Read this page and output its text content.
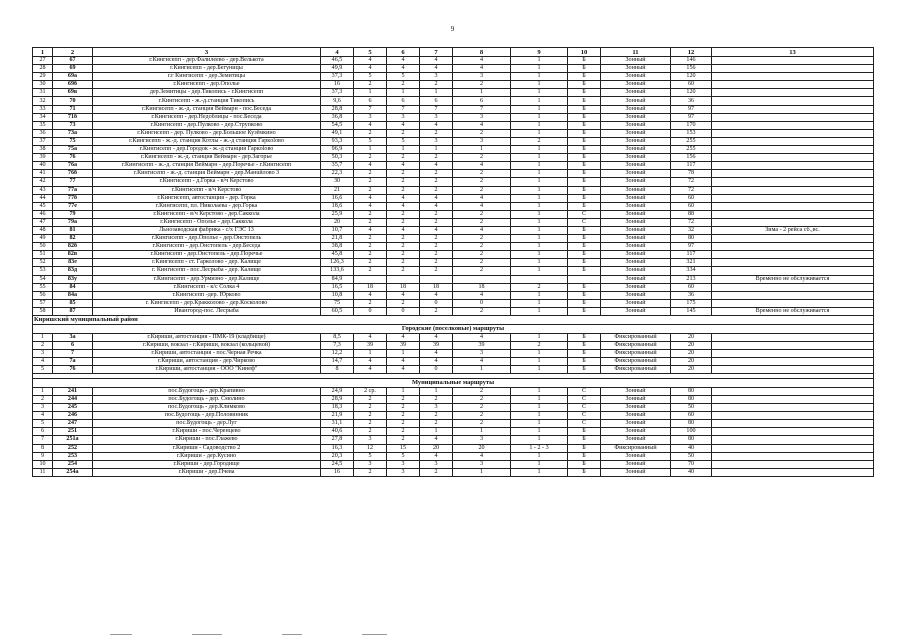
9
1	2	3	4	5	6	7	8	9	10	11	12	13
27	67	г.Кингисепп - дер.Фалилеево - дер.Велькота	46,5	4	4	4	4	1	Б	Зонный	146	
28	69	г.Кингисепп - дер.Бегуницы	49,9	4	4	4	4	1	Б	Зонный	156	
29	69а	г.г Кингисепп - дер.Земитицы	37,3	5	5	3	3	1	Б	Зонный	120	
30	69б	г.Кингисепп - дер.Ополье	16	2	2	2	2	1	Б	Зонный	60	
31	69в	дер.Земитицы - дер.Тикопись - г.Кингисепп	37,3	1	1	1	1	1	Б	Зонный	120	
32	70	г.Кингисепп - ж.-д.станция Тикопись	9,6	6	6	6	6	1	Б	Зонный	36	
33	71	г.Кингисепп - ж.-д. станция Веймарн - пос.Беседа	28,8	7	7	7	7	1	Б	Зонный	97	
34	71б	г.Кингисепп - дер.Недоблицы - пос.Беседа	36,8	3	3	3	3	1	Б	Зонный	97	
35	73	г.Кингисепп - дер.Пулково - дер.Струпково	54,5	4	4	4	4	1	Б	Зонный	170	
36	73а	г.Кингисепп - дер. Пулково - дер.Большое Кузёмкино	49,1	2	2	2	2	1	Б	Зонный	153	
37	75	г.Кингисепп - ж.-д. станция Котлы - ж.-д станция Гаркolово	93,3	5	5	3	3	2	Б	Зонный	255	
38	75а	г.Кингисепп - дер.Городок - ж.-д станция Гаркolово	96,9	1	1	1	1	1	Б	Зонный	255	
39	76	г.Кингисепп - ж.-д. станция Веймарн - дер.Загорье	50,3	2	2	2	2	1	Б	Зонный	156	
40	76а	г.Кингисепп - ж.-д. станция Веймарн - дер.Поречье - г.Кингисепп	35,7	4	4	4	4	1	Б	Зонный	117	
41	76б	г.Кингисепп - ж.-д. станция Веймарн - дер.Манuйлово 3	22,3	2	2	2	2	1	Б	Зонный	78	
42	77	г.Кингисепп - д.Горка - в/ч Керстово	30	2	2	2	2	1	Б	Зонный	72	
43	77а	г.Кингисепп - в/ч Керстово	21	2	2	2	2	1	Б	Зонный	72	
44	77б	г.Кингисепп, автостанция - дер. Горка	16,6	4	4	4	4	1	Б	Зонный	60	
45	77е	г.Кингисепп, пл. Николаева - дер.Горка	18,6	4	4	4	4	1	Б	Зонный	60	
46	79	г.Кингисепп - в/ч Керстово - дер.Саккола	25,9	2	2	2	2	1	С	Зонный	88	
47	79а	г.Кингисепп - Ополье - дер.Саккола	20	2	2	2	2	1	С	Зонный	72	
48	81	Льнозаводская фабрика - с/х ГЭС 13	10,7	4	4	4	4	1	Б	Зонный	32	Зима - 2 рейса сб.,вс.
49	82	г.Кингисепп - дер.Ополье - дер.Онстопель	21,8	2	2	2	2	1	Б	Зонный	80	
50	82б	г.Кингисепп - дер.Онстопель - дер.Беседа	38,8	2	2	2	2	1	Б	Зонный	97	
51	82в	г.Кингисепп - дер.Онстопель - дер.Поречье	45,8	2	2	2	2	1	Б	Зонный	117	
52	83е	г.Кингисепп - ст. Гарколово - дер. Калище	126,3	2	2	2	2	1	Б	Зонный	321	
53	83д	г. Кингисепп - пос.Лесрыба - дер. Калище	133,6	2	2	2	2	1	Б	Зонный	334	
54	83у	г.Кингисепп - дер.Урмизно - дер.Калище	84,9							Зонный	213	Временно не обслуживается
55	84	г.Кингисепп - к/с Солка 4	16,5	18	18	18	18	2	Б	Зонный	60	
56	84а	г.Кингисепп -дер. Юрковo	10,8	4	4	4	4	1	Б	Зонный	36	
57	85	г. Кингисепп - дер.Кракколово - дер.Косколово	75	2	2	0	0	1	Б	Зонный	175	
58	87	Ивангород-пос. Лесрыба	60,5	0	0	2	2	1	Б	Зонный	145	Временно не обслуживается
Киришский муниципальный район												
Городские (поселковые) маршруты												
1	3а	г.Кириши, автостанция - ПМК-19 (кладбище)	8,5	4	4	4	4	1	Б	Фиксированный	20	
2	6	г.Кириши, вокзал - г.Кириши, вокзал (кольцевой)	7,3	39	39	39	39	2	Б	Фиксированный	20	
3	7	г.Кириши, автостанция - пос.Черная Речка	12,2	1	1	4	3	1	Б	Фиксированный	20	
4	7а	г.Кириши, автостанция - дер.Чирково	14,7	4	4	4	4	1	Б	Фиксированный	20	
5	76	г.Кириши, автостанция - ООО "Кинеф"	8	4	4	0	1	1	Б	Фиксированный	20	

Муниципальные маршруты												
1	241	пос.Будогощь - дер.Крапивно	24,9	2 ср.	1	1	2	1	С	Зонный	80	
2	244	пос.Будогощь - дер. Смолино	28,9	2	2	2	2	1	С	Зонный	80	
3	245	пос.Будогощь - дер.Климково	18,3	2	2	3	2	1	С	Зонный	50	
4	246	пос.Будогощь - дер.Половинник	21,9	2	2	2	2	1	С	Зонный	60	
5	247	пос.Будогощь - дер.Луг	31,1	2	2	2	2	1	С	Зонный	80	
6	251	г.Кириши - пос.Черенцево	40,6	2	2	1	1	1	Б	Зонный	100	
7	251а	г.Кириши - пос.Глажево	27,8	3	2	4	3	1	Б	Зонный	80	
8	252	г.Кириши - Садоводство 2	16,3	12	15	20	20	1 - 2 - 3	Б	Фиксированный	40	
9	253	г.Кириши - дер.Кусино	20,3	5	5	4	4	1	Б	Зонный	50	
10	254	г.Кириши - дер.Городище	24,5	3	3	3	3	1	Б	Зонный	70	
11	254а	г.Кириши - дер.Пчева	16	2	3	2	1	1	Б	Зонный	40	
